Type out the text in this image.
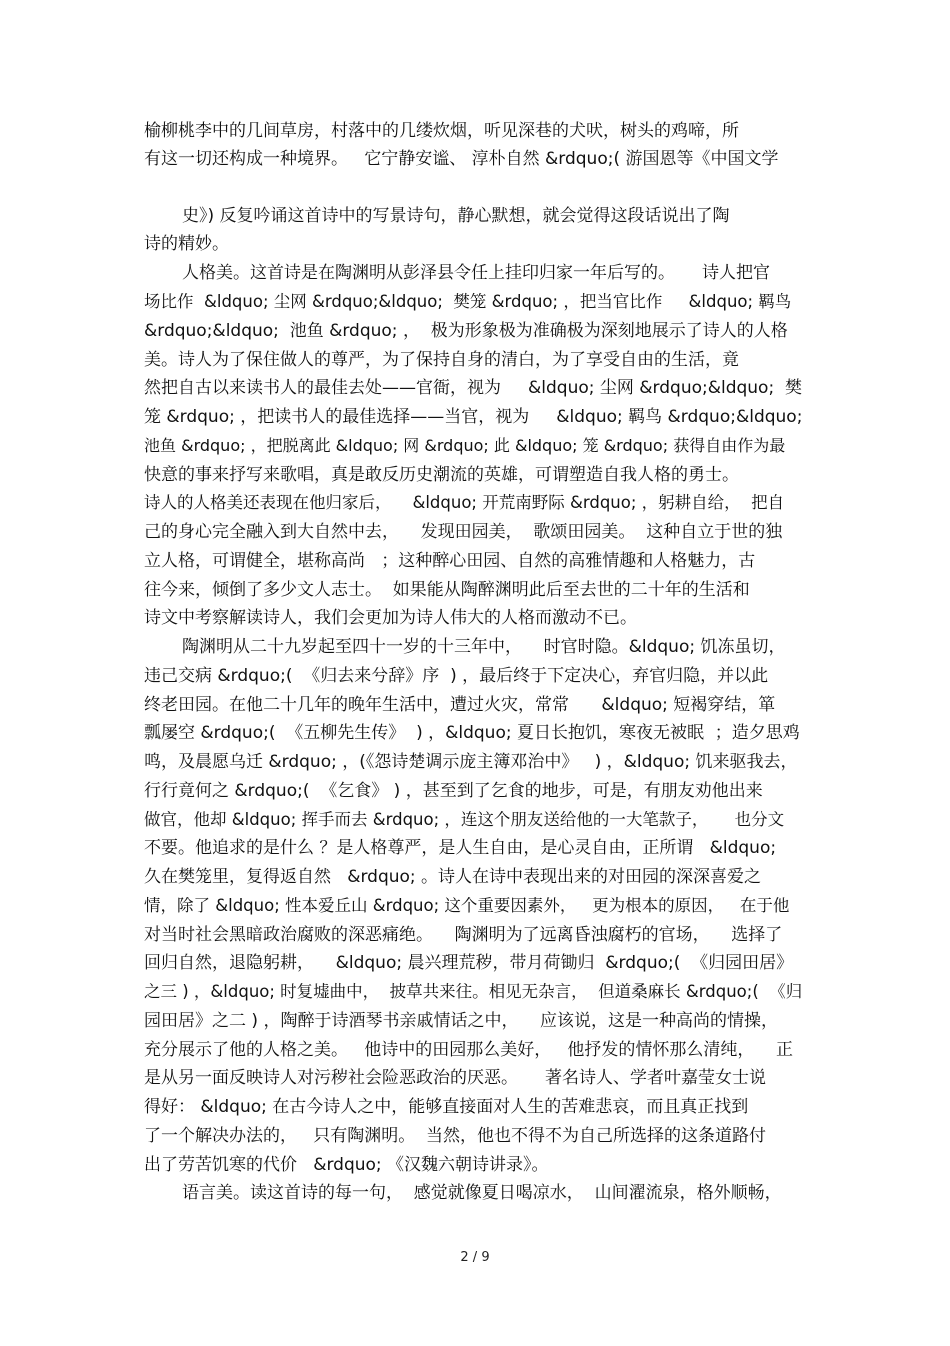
榆柳桃李中的几间草房，村落中的几缕炊烟，听见深巷的犬吠，树头的鸡啼，所
有这一切还构成一种境界。   它宁静安谧、 淳朴自然 &rdquo;( 游国恩等《中国文学
史》) 反复吟诵这首诗中的写景诗句，静心默想，就会觉得这段话说出了陶
诗的精妙。
人格美。这首诗是在陶渊明从彭泽县令任上挂印归家一年后写的。     诗人把官
场比作  &ldquo; 尘网 &rdquo;&ldquo;  樊笼 &rdquo; ，把当官比作     &ldquo; 羁鸟
&rdquo;&ldquo;  池鱼 &rdquo; ，  极为形象极为准确极为深刻地展示了诗人的人格
美。诗人为了保住做人的尊严，为了保持自身的清白，为了享受自由的生活，竟
然把自古以来读书人的最佳去处——官衙，视为     &ldquo; 尘网 &rdquo;&ldquo;  樊
笼 &rdquo; ，把读书人的最佳选择——当官，视为     &ldquo; 羁鸟 &rdquo;&ldquo;
池鱼 &rdquo; ，把脱离此 &ldquo; 网 &rdquo; 此 &ldquo; 笼 &rdquo; 获得自由作为最
快意的事来抒写来歌唱，真是敢反历史潮流的英雄，可谓塑造自我人格的勇士。
诗人的人格美还表现在他归家后，    &ldquo; 开荒南野际 &rdquo; ，躬耕自给，  把自
己的身心完全融入到大自然中去，    发现田园美，  歌颂田园美。  这种自立于世的独
立人格，可谓健全，堪称高尚   ；这种醉心田园、自然的高雅情趣和人格魅力，古
往今来，倾倒了多少文人志士。  如果能从陶醉渊明此后至去世的二十年的生活和
诗文中考察解读诗人，我们会更加为诗人伟大的人格而激动不已。
陶渊明从二十九岁起至四十一岁的十三年中，    时官时隐。&ldquo; 饥冻虽切，
违己交病 &rdquo;(  《归去来兮辞》序  ) ，最后终于下定决心，弃官归隐，并以此
终老田园。在他二十几年的晚年生活中，遭过火灾，常常      &ldquo; 短褐穿结，箪
瓢屡空 &rdquo;(  《五柳先生传》  ) ，&ldquo; 夏日长抱饥，寒夜无被眠  ；造夕思鸡
鸣，及晨愿乌迁 &rdquo; ，(《怨诗楚调示庞主簿邓治中》   ) ，&ldquo; 饥来驱我去，
行行竟何之 &rdquo;(  《乞食》 ) ，甚至到了乞食的地步，可是，有朋友劝他出来
做官，他却 &ldquo; 挥手而去 &rdquo; ，连这个朋友送给他的一大笔款子，     也分文
不要。他追求的是什么 ？是人格尊严，是人生自由，是心灵自由，正所谓   &ldquo;
久在樊笼里，复得返自然   &rdquo; 。诗人在诗中表现出来的对田园的深深喜爱之
情，除了 &ldquo; 性本爱丘山 &rdquo; 这个重要因素外，   更为根本的原因，   在于他
对当时社会黑暗政治腐败的深恶痛绝。    陶渊明为了远离昏浊腐朽的官场，    选择了
回归自然，退隐躬耕，    &ldquo; 晨兴理荒秽，带月荷锄归  &rdquo;(  《归园田居》
之三 ) ，&ldquo; 时复墟曲中，  披草共来往。相见无杂言，  但道桑麻长 &rdquo;(  《归
园田居》之二 ) ，陶醉于诗酒琴书亲戚情话之中，    应该说，这是一种高尚的情操，
充分展示了他的人格之美。   他诗中的田园那么美好，   他抒发的情怀那么清纯，    正
是从另一面反映诗人对污秽社会险恶政治的厌恶。     著名诗人、学者叶嘉莹女士说
得好： &ldquo; 在古今诗人之中，能够直接面对人生的苦难悲哀，而且真正找到
了一个解决办法的，   只有陶渊明。  当然，他也不得不为自己所选择的这条道路付
出了劳苦饥寒的代价   &rdquo; 《汉魏六朝诗讲录》。
语言美。读这首诗的每一句，  感觉就像夏日喝凉水，  山间濯流泉，格外顺畅，
2 / 9
